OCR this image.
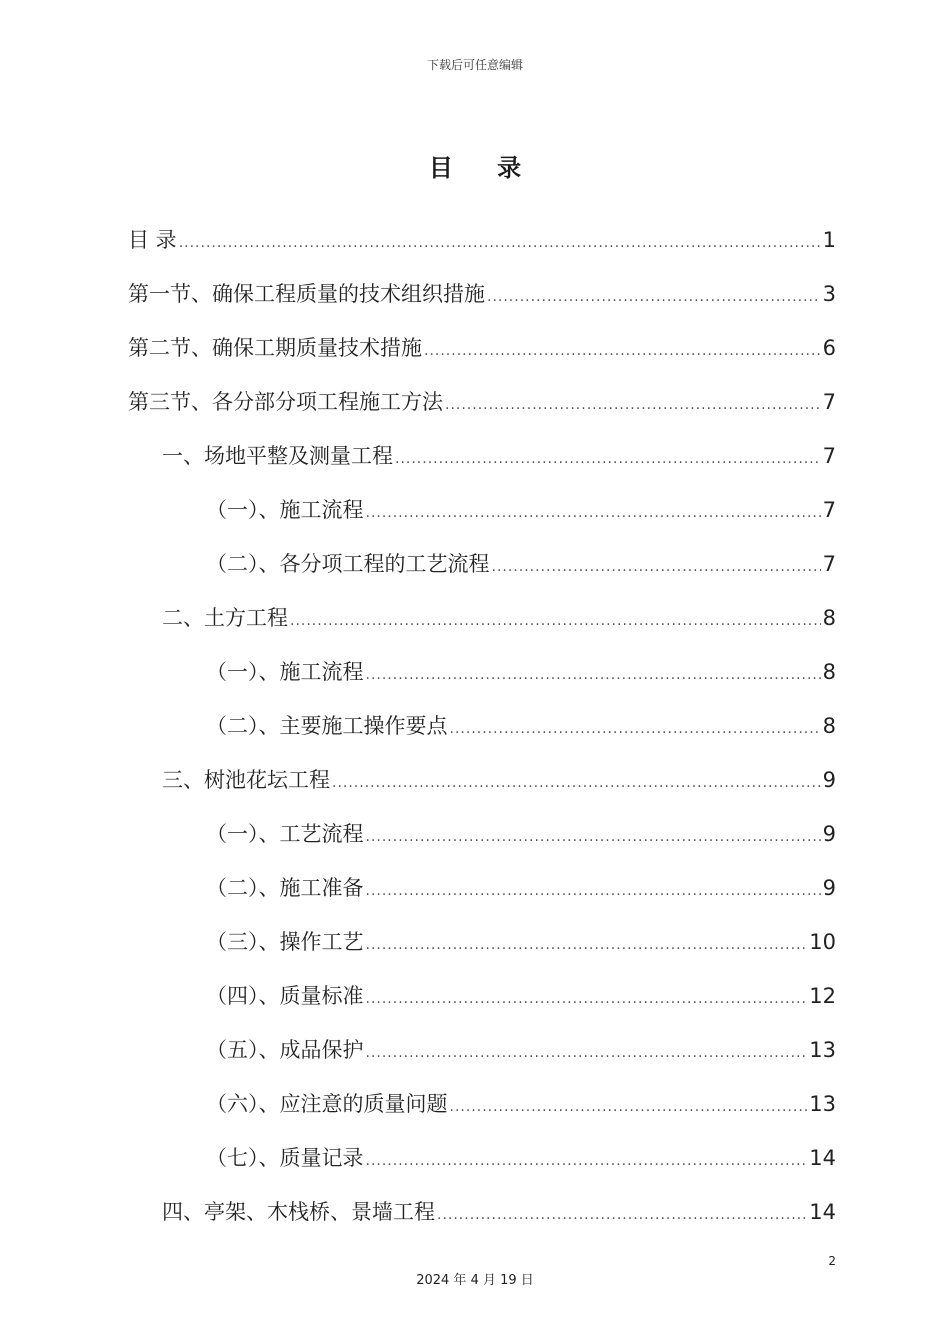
下载后可任意编辑
目 录
目 录 .....	1
第一节、确保工程质量的技术组织措施 .....	3
第二节、确保工期质量技术措施 .....	6
第三节、各分部分项工程施工方法 .....	7
一、场地平整及测量工程 .....	7
（一）、施工流程 .....	7
（二）、各分项工程的工艺流程 .....	7
二、土方工程 .....	8
（一）、施工流程 .....	8
（二）、主要施工操作要点 .....	8
三、树池花坛工程 .....	9
（一）、工艺流程 .....	9
（二）、施工准备 .....	9
（三）、操作工艺 .....	10
（四）、质量标准 .....	12
（五）、成品保护 .....	13
（六）、应注意的质量问题 .....	13
（七）、质量记录 .....	14
四、亭架、木栈桥、景墙工程 .....	14
2
2024 年 4 月 19 日
